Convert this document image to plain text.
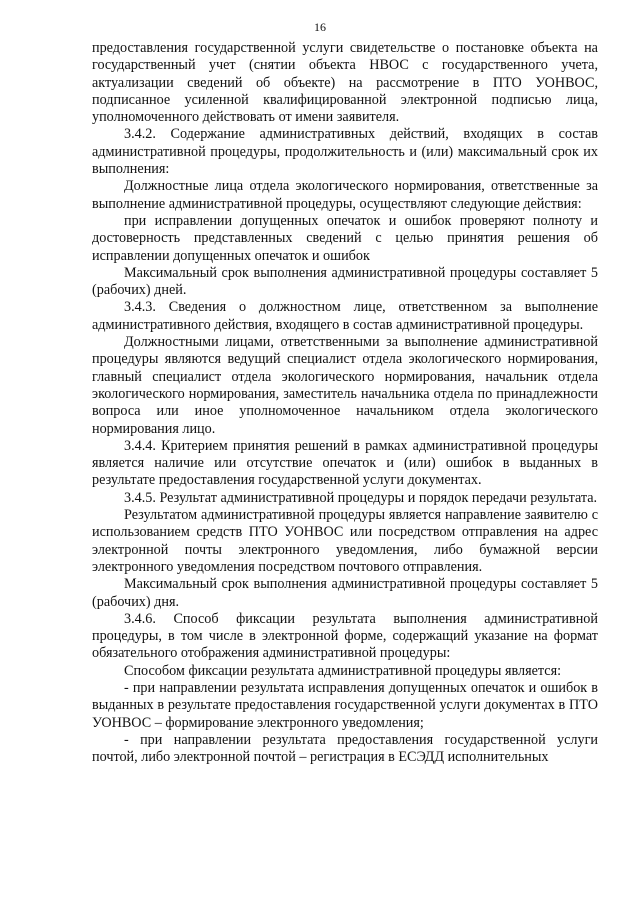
16

предоставления государственной услуги свидетельстве о постановке объекта на государственный учет (снятии объекта НВОС с государственного учета, актуализации сведений об объекте) на рассмотрение в ПТО УОНВОС, подписанное усиленной квалифицированной электронной подписью лица, уполномоченного действовать от имени заявителя.

3.4.2. Содержание административных действий, входящих в состав административной процедуры, продолжительность и (или) максимальный срок их выполнения:

Должностные лица отдела экологического нормирования, ответственные за выполнение административной процедуры, осуществляют следующие действия:

при исправлении допущенных опечаток и ошибок проверяют полноту и достоверность представленных сведений с целью принятия решения об исправлении допущенных опечаток и ошибок

Максимальный срок выполнения административной процедуры составляет 5 (рабочих) дней.

3.4.3. Сведения о должностном лице, ответственном за выполнение административного действия, входящего в состав административной процедуры.

Должностными лицами, ответственными за выполнение административной процедуры являются ведущий специалист отдела экологического нормирования, главный специалист отдела экологического нормирования, начальник отдела экологического нормирования, заместитель начальника отдела по принадлежности вопроса или иное уполномоченное начальником отдела экологического нормирования лицо.

3.4.4. Критерием принятия решений в рамках административной процедуры является наличие или отсутствие опечаток и (или) ошибок в выданных в результате предоставления государственной услуги документах.

3.4.5. Результат административной процедуры и порядок передачи результата.

Результатом административной процедуры является направление заявителю с использованием средств ПТО УОНВОС или посредством отправления на адрес электронной почты электронного уведомления, либо бумажной версии электронного уведомления посредством почтового отправления.

Максимальный срок выполнения административной процедуры составляет 5 (рабочих) дня.

3.4.6. Способ фиксации результата выполнения административной процедуры, в том числе в электронной форме, содержащий указание на формат обязательного отображения административной процедуры:

Способом фиксации результата административной процедуры является:

- при направлении результата исправления допущенных опечаток и ошибок в выданных в результате предоставления государственной услуги документах в ПТО УОНВОС – формирование электронного уведомления;

- при направлении результата предоставления государственной услуги почтой, либо электронной почтой – регистрация в ЕСЭДД исполнительных
